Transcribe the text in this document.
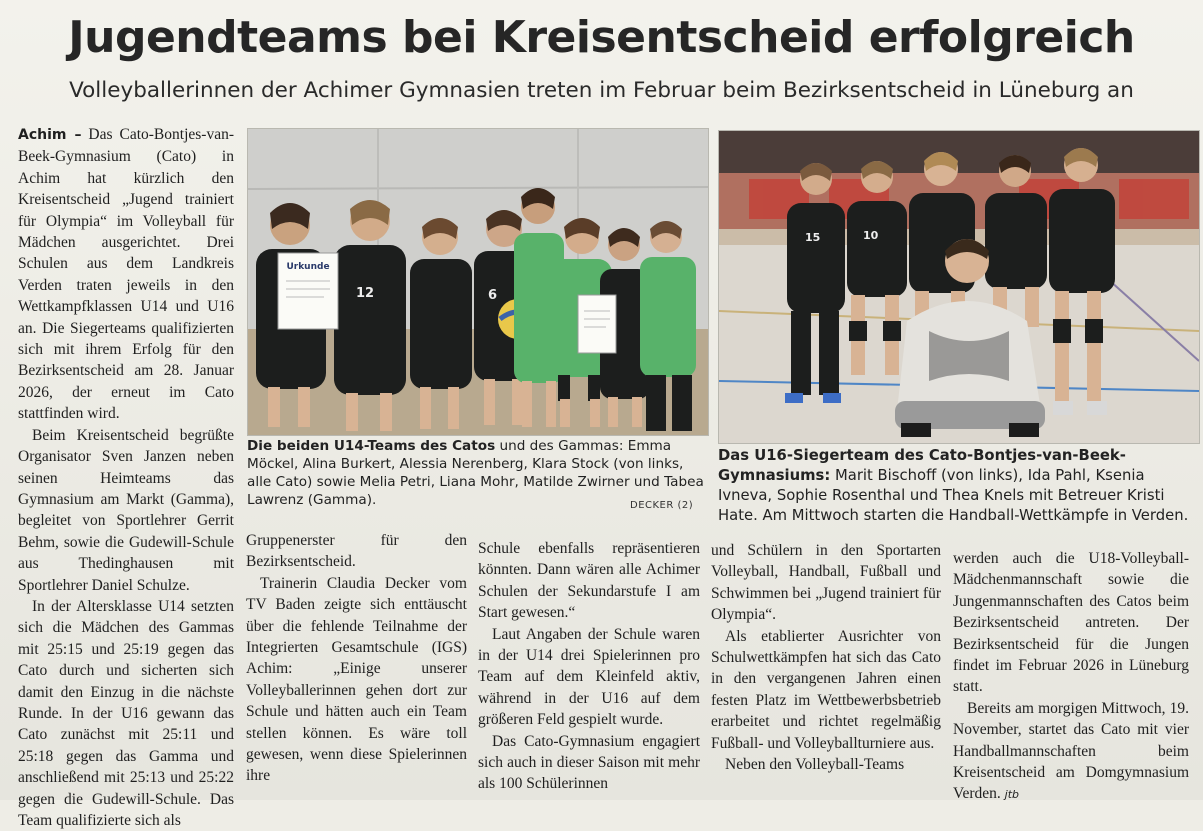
Jugendteams bei Kreisentscheid erfolgreich
Volleyballerinnen der Achimer Gymnasien treten im Februar beim Bezirksentscheid in Lüneburg an

Achim – Das Cato-Bontjes-van-Beek-Gymnasium (Cato) in Achim hat kürzlich den Kreisentscheid „Jugend trainiert für Olympia“ im Volleyball für Mädchen ausgerichtet. Drei Schulen aus dem Landkreis Verden traten jeweils in den Wettkampfklassen U14 und U16 an. Die Siegerteams qualifizierten sich mit ihrem Erfolg für den Bezirksentscheid am 28. Januar 2026, der erneut im Cato stattfinden wird.

Beim Kreisentscheid begrüßte Organisator Sven Janzen neben seinen Heimteams das Gymnasium am Markt (Gamma), begleitet von Sportlehrer Gerrit Behm, sowie die Gudewill-Schule aus Thedinghausen mit Sportlehrer Daniel Schulze.

In der Altersklasse U14 setzten sich die Mädchen des Gammas mit 25:15 und 25:19 gegen das Cato durch und sicherten sich damit den Einzug in die nächste Runde. In der U16 gewann das Cato zunächst mit 25:11 und 25:18 gegen das Gamma und anschließend mit 25:13 und 25:22 gegen die Gudewill-Schule. Das Team qualifizierte sich als

12	6
Urkunde
Die beiden U14-Teams des Catos und des Gammas: Emma Möckel, Alina Burkert, Alessia Nerenberg, Klara Stock (von links, alle Cato) sowie Melia Petri, Liana Mohr, Matilde Zwirner und Tabea Lawrenz (Gamma).	DECKER (2)
15	10
Das U16-Siegerteam des Cato-Bontjes-van-Beek-Gymnasiums: Marit Bischoff (von links), Ida Pahl, Ksenia Ivneva, Sophie Rosenthal und Thea Knels mit Betreuer Kristi Hate. Am Mittwoch starten die Handball-Wettkämpfe in Verden.

Gruppenerster für den Bezirksentscheid.

Trainerin Claudia Decker vom TV Baden zeigte sich enttäuscht über die fehlende Teilnahme der Integrierten Gesamtschule (IGS) Achim: „Einige unserer Volleyballerinnen gehen dort zur Schule und hätten auch ein Team stellen können. Es wäre toll gewesen, wenn diese Spielerinnen ihre

Schule ebenfalls repräsentieren könnten. Dann wären alle Achimer Schulen der Sekundarstufe I am Start gewesen.“

Laut Angaben der Schule waren in der U14 drei Spielerinnen pro Team auf dem Kleinfeld aktiv, während in der U16 auf dem größeren Feld gespielt wurde.

Das Cato-Gymnasium engagiert sich auch in dieser Saison mit mehr als 100 Schülerinnen

und Schülern in den Sportarten Volleyball, Handball, Fußball und Schwimmen bei „Jugend trainiert für Olympia“.

Als etablierter Ausrichter von Schulwettkämpfen hat sich das Cato in den vergangenen Jahren einen festen Platz im Wettbewerbsbetrieb erarbeitet und richtet regelmäßig Fußball- und Volleyballturniere aus.

Neben den Volleyball-Teams

werden auch die U18-Volleyball-Mädchenmannschaft sowie die Jungenmannschaften des Catos beim Bezirksentscheid antreten. Der Bezirksentscheid für die Jungen findet im Februar 2026 in Lüneburg statt.

Bereits am morgigen Mittwoch, 19. November, startet das Cato mit vier Handballmannschaften beim Kreisentscheid am Domgymnasium Verden. jtb
